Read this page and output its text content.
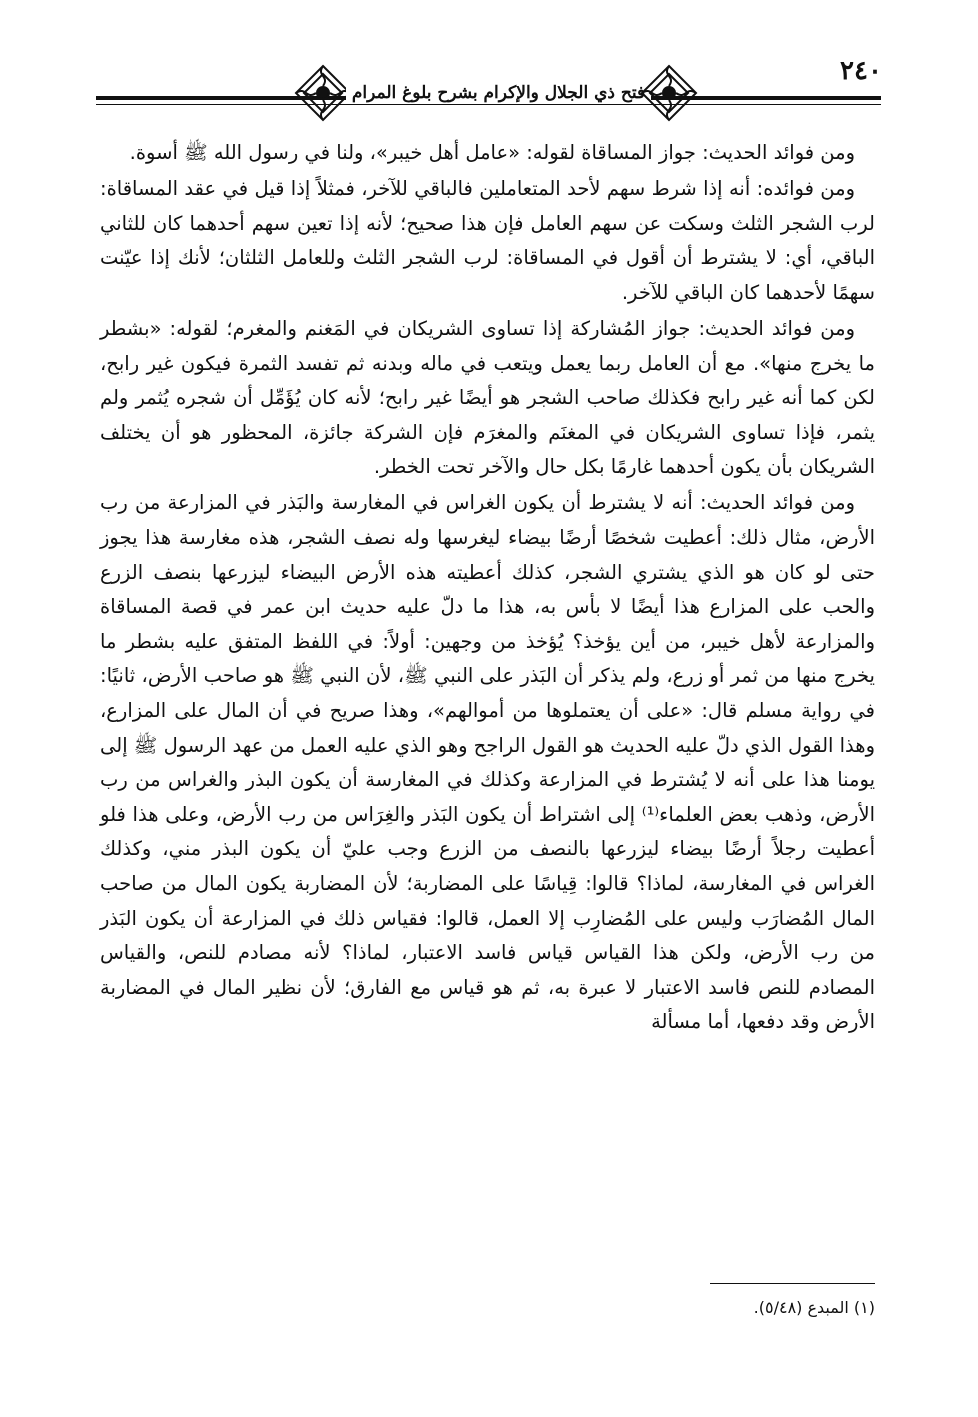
فتح ذي الجلال والإكرام بشرح بلوغ المرام
٢٤٠

ومن فوائد الحديث: جواز المساقاة لقوله: «عامل أهل خيبر»، ولنا في رسول الله ﷺ أسوة.

ومن فوائده: أنه إذا شرط سهم لأحد المتعاملين فالباقي للآخر، فمثلاً إذا قيل في عقد المساقاة: لرب الشجر الثلث وسكت عن سهم العامل فإن هذا صحيح؛ لأنه إذا تعين سهم أحدهما كان للثاني الباقي، أي: لا يشترط أن أقول في المساقاة: لرب الشجر الثلث وللعامل الثلثان؛ لأنك إذا عيّنت سهمًا لأحدهما كان الباقي للآخر.

ومن فوائد الحديث: جواز المُشاركة إذا تساوى الشريكان في المَغنم والمغرم؛ لقوله: «بشطر ما يخرج منها». مع أن العامل ربما يعمل ويتعب في ماله وبدنه ثم تفسد الثمرة فيكون غير رابح، لكن كما أنه غير رابح فكذلك صاحب الشجر هو أيضًا غير رابح؛ لأنه كان يُؤَمِّل أن شجره يُثمر ولم يثمر، فإذا تساوى الشريكان في المغنَم والمغرَم فإن الشركة جائزة، المحظور هو أن يختلف الشريكان بأن يكون أحدهما غارمًا بكل حال والآخر تحت الخطر.

ومن فوائد الحديث: أنه لا يشترط أن يكون الغراس في المغارسة والبَذر في المزارعة من رب الأرض، مثال ذلك: أعطيت شخصًا أرضًا بيضاء ليغرسها وله نصف الشجر، هذه مغارسة هذا يجوز حتى لو كان هو الذي يشتري الشجر، كذلك أعطيته هذه الأرض البيضاء ليزرعها بنصف الزرع والحب على المزارع هذا أيضًا لا بأس به، هذا ما دلّ عليه حديث ابن عمر في قصة المساقاة والمزارعة لأهل خيبر، من أين يؤخذ؟ يُؤخذ من وجهين: أولاً: في اللفظ المتفق عليه بشطر ما يخرج منها من ثمر أو زرع، ولم يذكر أن البَذر على النبي ﷺ، لأن النبي ﷺ هو صاحب الأرض، ثانيًا: في رواية مسلم قال: «على أن يعتملوها من أموالهم»، وهذا صريح في أن المال على المزارع، وهذا القول الذي دلّ عليه الحديث هو القول الراجح وهو الذي عليه العمل من عهد الرسول ﷺ إلى يومنا هذا على أنه لا يُشترط في المزارعة وكذلك في المغارسة أن يكون البذر والغراس من رب الأرض، وذهب بعض العلماء⁽¹⁾ إلى اشتراط أن يكون البَذر والغِرَاس من رب الأرض، وعلى هذا فلو أعطيت رجلاً أرضًا بيضاء ليزرعها بالنصف من الزرع وجب عليّ أن يكون البذر مني، وكذلك الغراس في المغارسة، لماذا؟ قالوا: قِياسًا على المضاربة؛ لأن المضاربة يكون المال من صاحب المال المُضارَب وليس على المُضارِب إلا العمل، قالوا: فقياس ذلك في المزارعة أن يكون البَذر من رب الأرض، ولكن هذا القياس قياس فاسد الاعتبار، لماذا؟ لأنه مصادم للنص، والقياس المصادم للنص فاسد الاعتبار لا عبرة به، ثم هو قياس مع الفارق؛ لأن نظير المال في المضاربة الأرض وقد دفعها، أما مسألة

(١) المبدع (٥/٤٨).
